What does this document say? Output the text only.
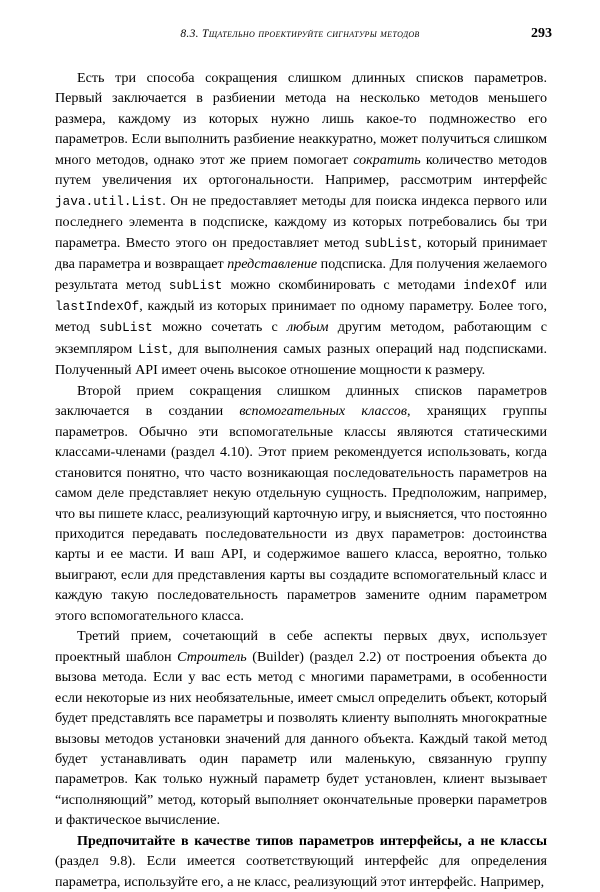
8.3. Тщательно проектируйте сигнатуры методов	293

Есть три способа сокращения слишком длинных списков параметров. Первый заключается в разбиении метода на несколько методов меньшего размера, каждому из которых нужно лишь какое-то подмножество его параметров. Если выполнить разбиение неаккуратно, может получиться слишком много методов, однако этот же прием помогает сократить количество методов путем увеличения их ортогональности. Например, рассмотрим интерфейс java.util.List. Он не предоставляет методы для поиска индекса первого или последнего элемента в подсписке, каждому из которых потребовались бы три параметра. Вместо этого он предоставляет метод subList, который принимает два параметра и возвращает представление подсписка. Для получения желаемого результата метод subList можно скомбинировать с методами indexOf или lastIndexOf, каждый из которых принимает по одному параметру. Более того, метод subList можно сочетать с любым другим методом, работающим с экземпляром List, для выполнения самых разных операций над подсписками. Полученный API имеет очень высокое отношение мощности к размеру.

Второй прием сокращения слишком длинных списков параметров заключается в создании вспомогательных классов, хранящих группы параметров. Обычно эти вспомогательные классы являются статическими классами-членами (раздел 4.10). Этот прием рекомендуется использовать, когда становится понятно, что часто возникающая последовательность параметров на самом деле представляет некую отдельную сущность. Предположим, например, что вы пишете класс, реализующий карточную игру, и выясняется, что постоянно приходится передавать последовательности из двух параметров: достоинства карты и ее масти. И ваш API, и содержимое вашего класса, вероятно, только выиграют, если для представления карты вы создадите вспомогательный класс и каждую такую последовательность параметров замените одним параметром этого вспомогательного класса.

Третий прием, сочетающий в себе аспекты первых двух, использует проектный шаблон Строитель (Builder) (раздел 2.2) от построения объекта до вызова метода. Если у вас есть метод с многими параметрами, в особенности если некоторые из них необязательные, имеет смысл определить объект, который будет представлять все параметры и позволять клиенту выполнять многократные вызовы методов установки значений для данного объекта. Каждый такой метод будет устанавливать один параметр или маленькую, связанную группу параметров. Как только нужный параметр будет установлен, клиент вызывает “исполняющий” метод, который выполняет окончательные проверки параметров и фактическое вычисление.

Предпочитайте в качестве типов параметров интерфейсы, а не классы (раздел 9.8). Если имеется соответствующий интерфейс для определения параметра, используйте его, а не класс, реализующий этот интерфейс. Например,
